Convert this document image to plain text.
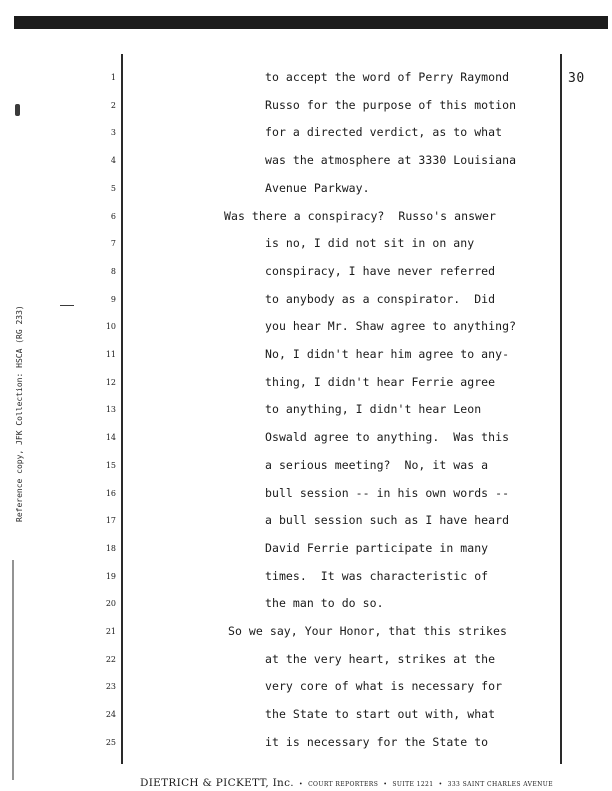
30
Reference copy, JFK Collection: HSCA (RG 233)
1	to accept the word of Perry Raymond
2	Russo for the purpose of this motion
3	for a directed verdict, as to what
4	was the atmosphere at 3330 Louisiana
5	Avenue Parkway.
6	Was there a conspiracy?  Russo's answer
7	is no, I did not sit in on any
8	conspiracy, I have never referred
9	to anybody as a conspirator.  Did
10	you hear Mr. Shaw agree to anything?
11	No, I didn't hear him agree to any-
12	thing, I didn't hear Ferrie agree
13	to anything, I didn't hear Leon
14	Oswald agree to anything.  Was this
15	a serious meeting?  No, it was a
16	bull session -- in his own words --
17	a bull session such as I have heard
18	David Ferrie participate in many
19	times.  It was characteristic of
20	the man to do so.
21	So we say, Your Honor, that this strikes
22	at the very heart, strikes at the
23	very core of what is necessary for
24	the State to start out with, what
25	it is necessary for the State to
DIETRICH & PICKETT, Inc. • COURT REPORTERS • SUITE 1221 • 333 SAINT CHARLES AVENUE
